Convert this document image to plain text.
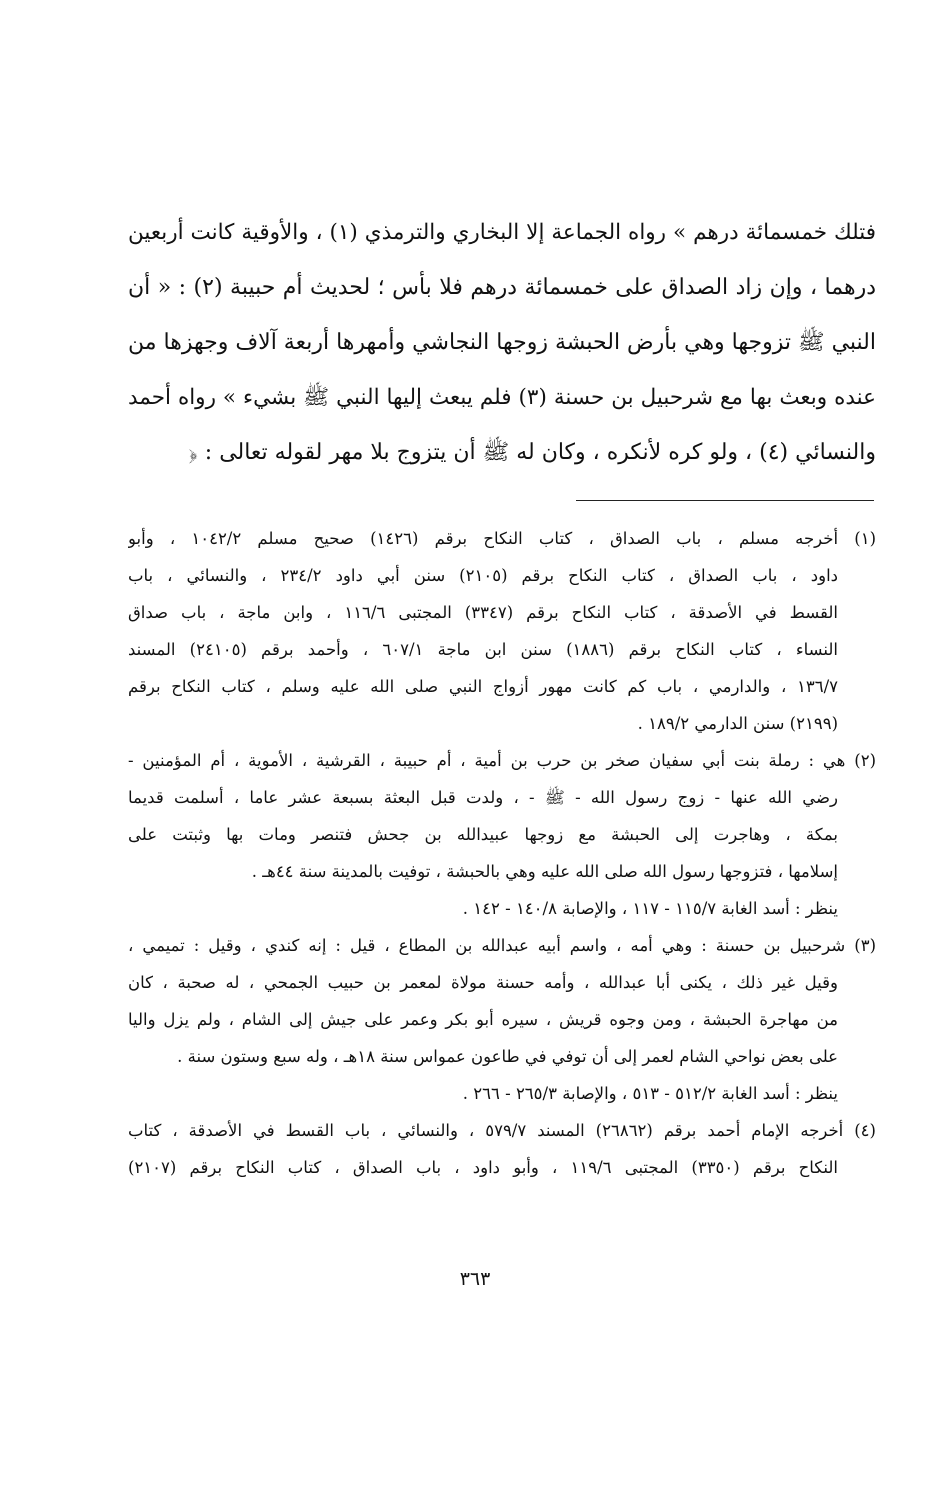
فتلك خمسمائة درهم » رواه الجماعة إلا البخاري والترمذي (١) ، والأوقية كانت أربعين
درهما ، وإن زاد الصداق على خمسمائة درهم فلا بأس ؛ لحديث أم حبيبة (٢) : « أن
النبي ﷺ تزوجها وهي بأرض الحبشة زوجها النجاشي وأمهرها أربعة آلاف وجهزها من
عنده وبعث بها مع شرحبيل بن حسنة (٣) فلم يبعث إليها النبي ﷺ بشيء » رواه أحمد
والنسائي (٤) ، ولو كره لأنكره ، وكان له ﷺ أن يتزوج بلا مهر لقوله تعالى : ﴿
(١) أخرجه مسلم ، باب الصداق ، كتاب النكاح برقم (١٤٢٦) صحيح مسلم ١٠٤٢/٢ ، وأبو
داود ، باب الصداق ، كتاب النكاح برقم (٢١٠٥) سنن أبي داود ٢٣٤/٢ ، والنسائي ، باب
القسط في الأصدقة ، كتاب النكاح برقم (٣٣٤٧) المجتبى ١١٦/٦ ، وابن ماجة ، باب صداق
النساء ، كتاب النكاح برقم (١٨٨٦) سنن ابن ماجة ٦٠٧/١ ، وأحمد برقم (٢٤١٠٥) المسند
١٣٦/٧ ، والدارمي ، باب كم كانت مهور أزواج النبي صلى الله عليه وسلم ، كتاب النكاح برقم
(٢١٩٩) سنن الدارمي ١٨٩/٢ .
(٢) هي : رملة بنت أبي سفيان صخر بن حرب بن أمية ، أم حبيبة ، القرشية ، الأموية ، أم المؤمنين -
رضي الله عنها - زوج رسول الله - ﷺ - ، ولدت قبل البعثة بسبعة عشر عاما ، أسلمت قديما
بمكة ، وهاجرت إلى الحبشة مع زوجها عبيدالله بن جحش فتنصر ومات بها وثبتت على
إسلامها ، فتزوجها رسول الله صلى الله عليه وهي بالحبشة ، توفيت بالمدينة سنة ٤٤هـ .
ينظر : أسد الغابة ١١٥/٧ - ١١٧ ، والإصابة ١٤٠/٨ - ١٤٢ .
(٣) شرحبيل بن حسنة : وهي أمه ، واسم أبيه عبدالله بن المطاع ، قيل : إنه كندي ، وقيل : تميمي ،
وقيل غير ذلك ، يكنى أبا عبدالله ، وأمه حسنة مولاة لمعمر بن حبيب الجمحي ، له صحبة ، كان
من مهاجرة الحبشة ، ومن وجوه قريش ، سيره أبو بكر وعمر على جيش إلى الشام ، ولم يزل واليا
على بعض نواحي الشام لعمر إلى أن توفي في طاعون عمواس سنة ١٨هـ ، وله سبع وستون سنة .
ينظر : أسد الغابة ٥١٢/٢ - ٥١٣ ، والإصابة ٢٦٥/٣ - ٢٦٦ .
(٤) أخرجه الإمام أحمد برقم (٢٦٨٦٢) المسند ٥٧٩/٧ ، والنسائي ، باب القسط في الأصدقة ، كتاب
النكاح برقم (٣٣٥٠) المجتبى ١١٩/٦ ، وأبو داود ، باب الصداق ، كتاب النكاح برقم (٢١٠٧)
٣٦٣
